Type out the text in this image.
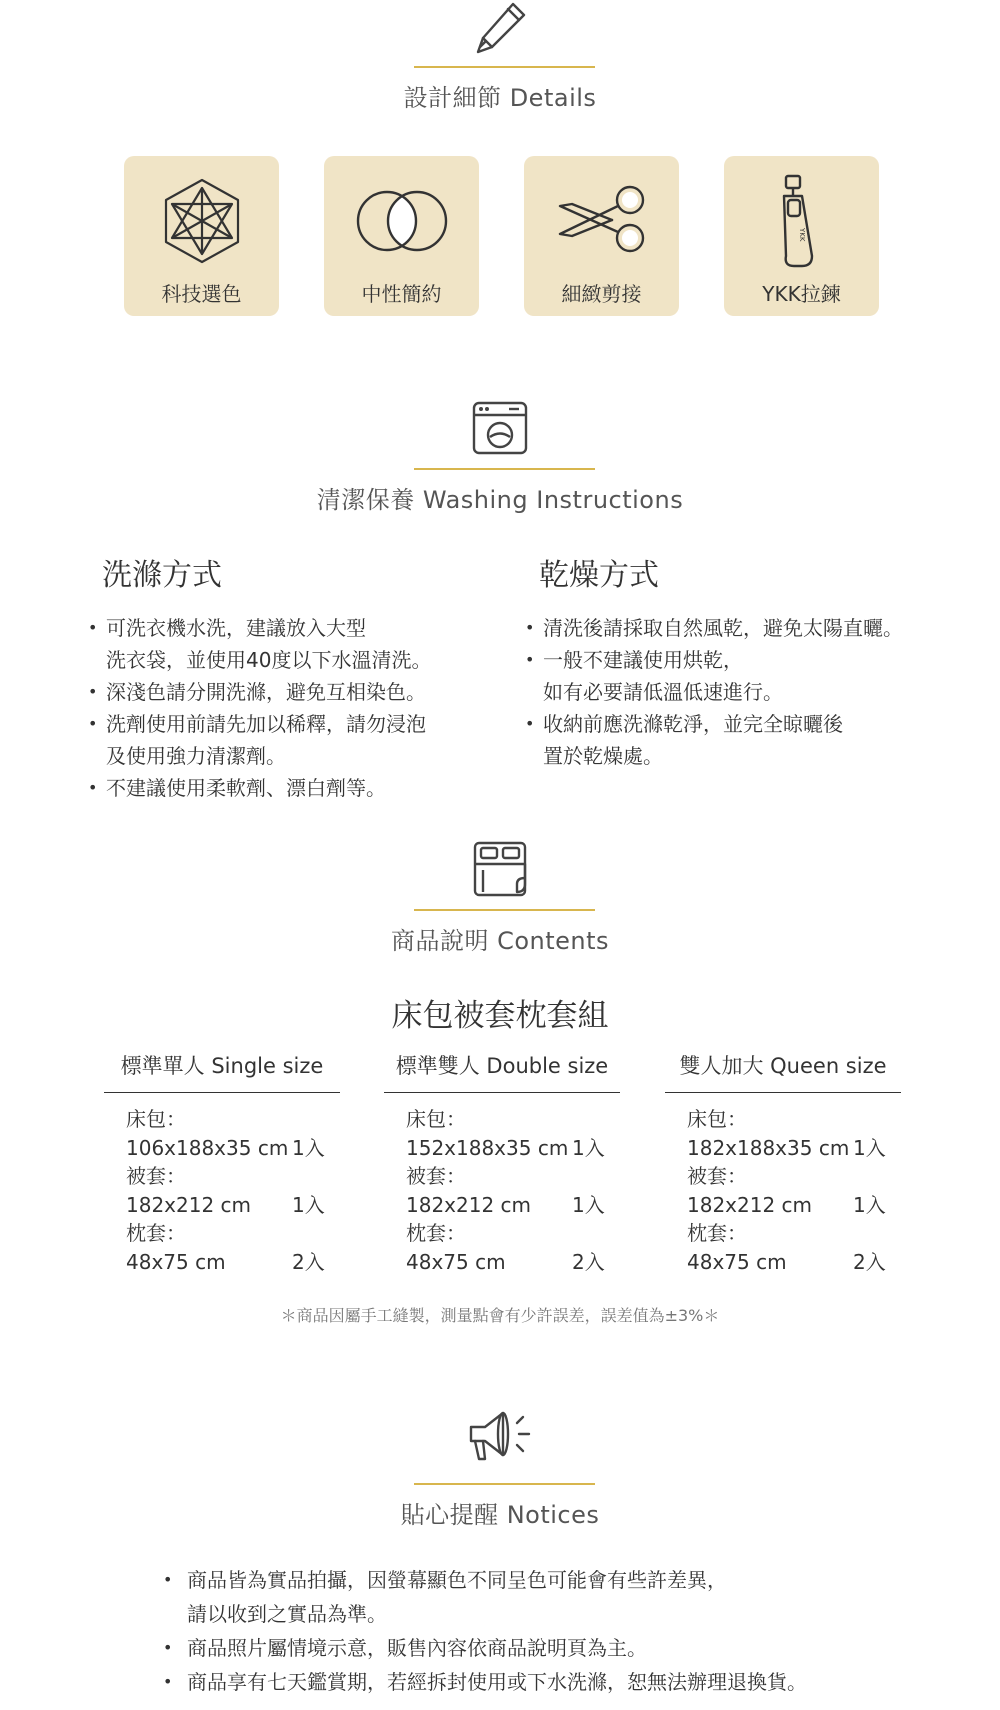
設計細節 Details
科技選色	中性簡約	細緻剪接
YKK
YKK拉鍊
清潔保養 Washing Instructions
洗滌方式
• 可洗衣機水洗，建議放入大型
洗衣袋，並使用40度以下水溫清洗。
• 深淺色請分開洗滌，避免互相染色。
• 洗劑使用前請先加以稀釋，請勿浸泡
及使用強力清潔劑。
• 不建議使用柔軟劑、漂白劑等。
乾燥方式
• 清洗後請採取自然風乾，避免太陽直曬。
• 一般不建議使用烘乾，
如有必要請低溫低速進行。
• 收納前應洗滌乾淨，並完全晾曬後
置於乾燥處。
商品說明 Contents
床包被套枕套組
標準單人 Single size
床包：
106x188x35 cm 1入
被套：
182x212 cm	1入
枕套：
48x75 cm	2入
標準雙人 Double size
床包：
152x188x35 cm 1入
被套：
182x212 cm	1入
枕套：
48x75 cm	2入
雙人加大 Queen size
床包：
182x188x35 cm 1入
被套：
182x212 cm	1入
枕套：
48x75 cm	2入
＊商品因屬手工縫製，測量點會有少許誤差，誤差值為±3%＊
貼心提醒 Notices
• 商品皆為實品拍攝，因螢幕顯色不同呈色可能會有些許差異，
請以收到之實品為準。
• 商品照片屬情境示意，販售內容依商品說明頁為主。
• 商品享有七天鑑賞期，若經拆封使用或下水洗滌，恕無法辦理退換貨。
